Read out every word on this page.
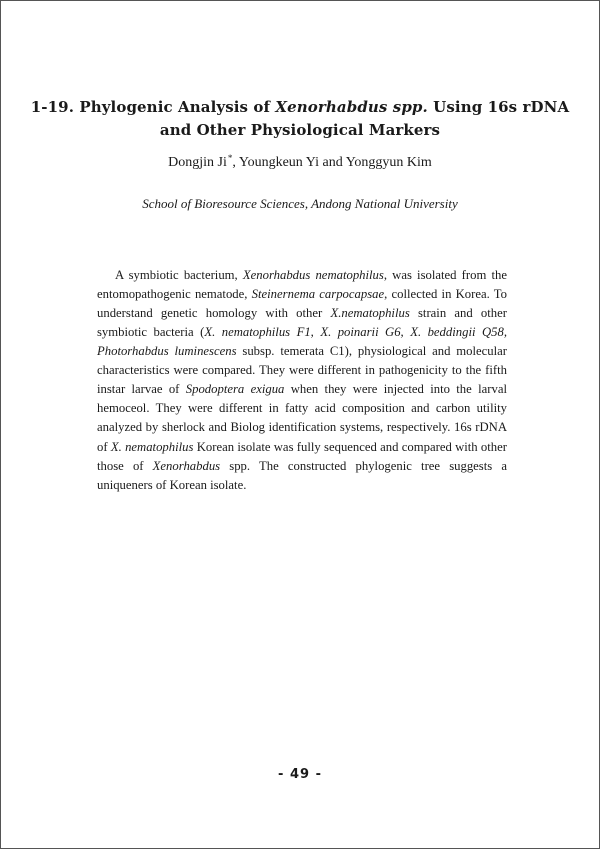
1-19. Phylogenic Analysis of Xenorhabdus spp. Using 16s rDNA
and Other Physiological Markers
Dongjin Ji*, Youngkeun Yi and Yonggyun Kim
School of Bioresource Sciences, Andong National University

A symbiotic bacterium, Xenorhabdus nematophilus, was isolated from the entomopathogenic nematode, Steinernema carpocapsae, collected in Korea. To understand genetic homology with other X.nematophilus strain and other symbiotic bacteria (X. nematophilus F1, X. poinarii G6, X. beddingii Q58, Photorhabdus luminescens subsp. temerata C1), physiological and molecular characteristics were compared. They were different in pathogenicity to the fifth instar larvae of Spodoptera exigua when they were injected into the larval hemoceol. They were different in fatty acid composition and carbon utility analyzed by sherlock and Biolog identification systems, respectively. 16s rDNA of X. nematophilus Korean isolate was fully sequenced and compared with other those of Xenorhabdus spp. The constructed phylogenic tree suggests a uniqueners of Korean isolate.

- 49 -
